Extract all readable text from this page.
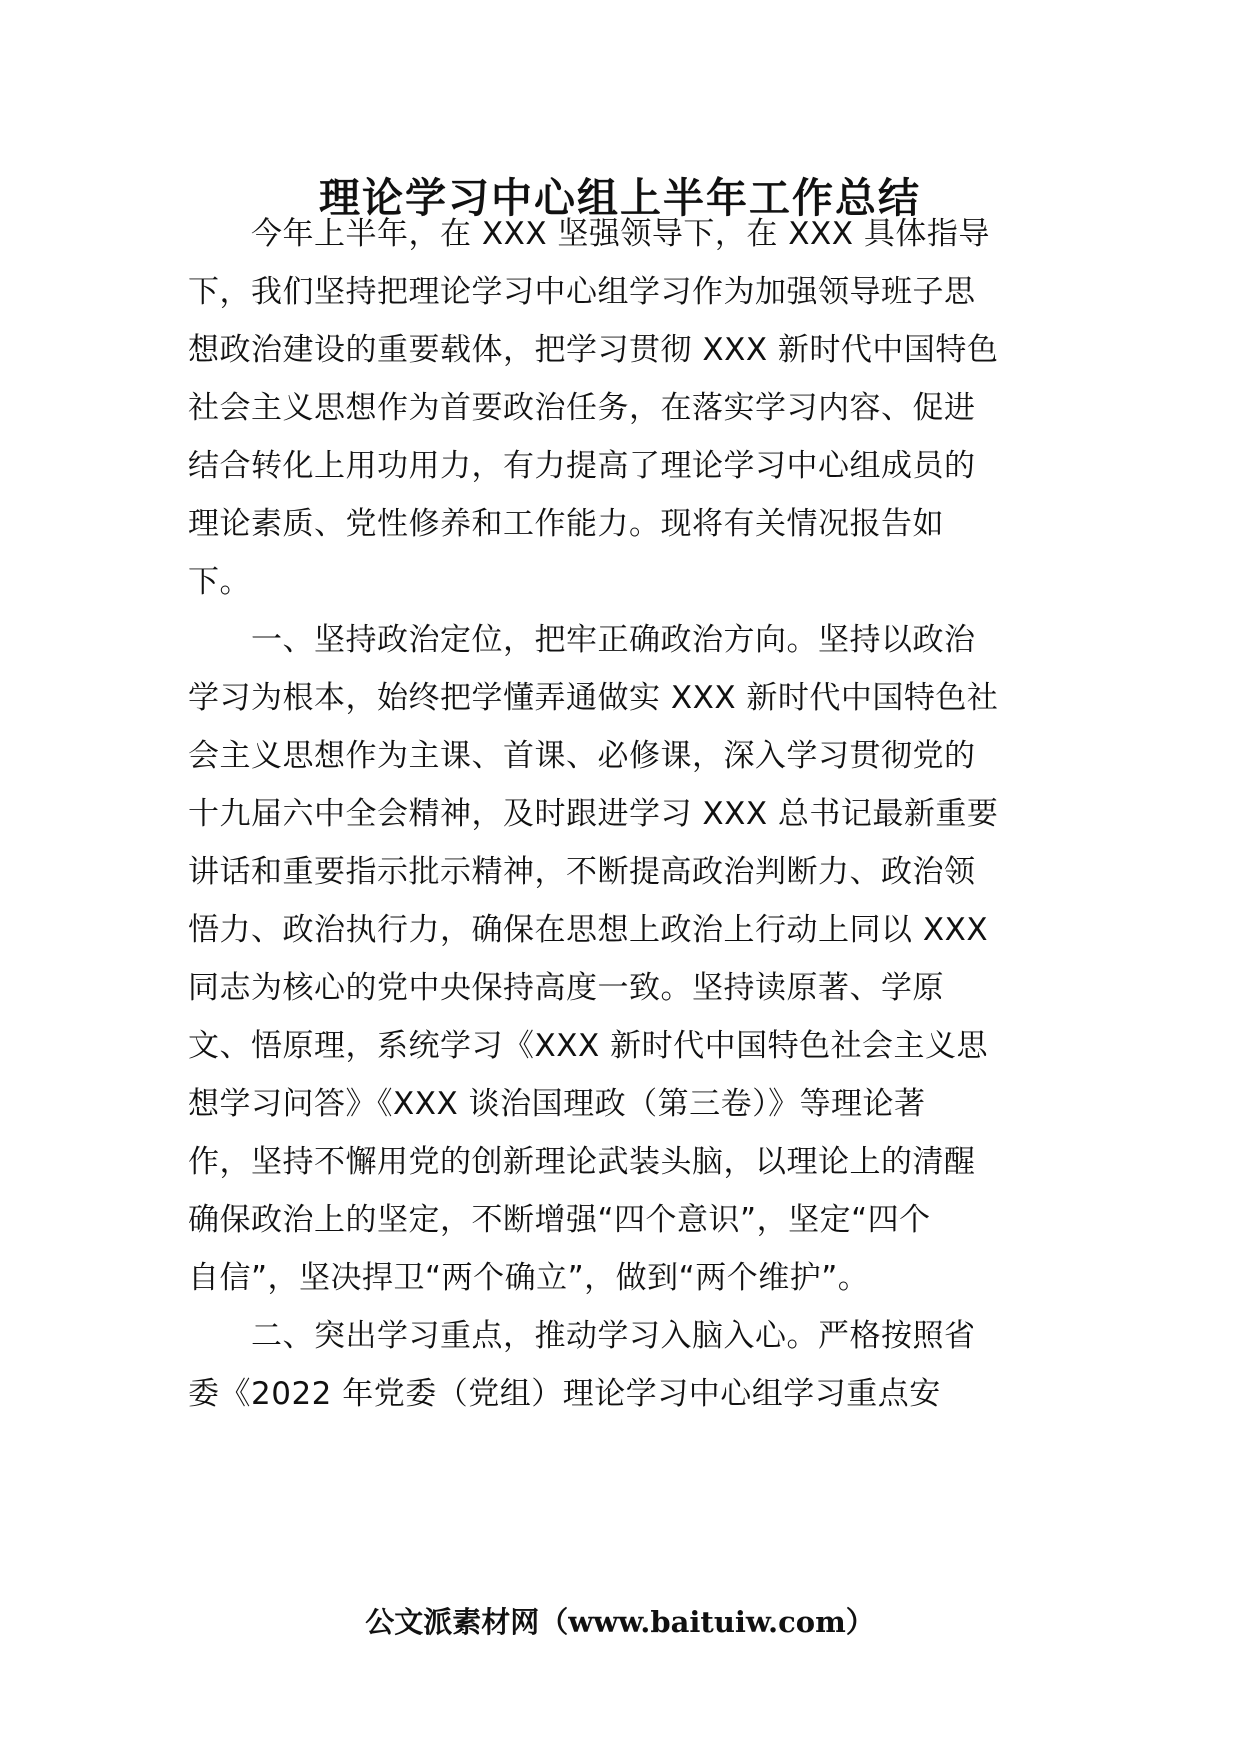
理论学习中心组上半年工作总结
今年上半年，在 XXX 坚强领导下，在 XXX 具体指导
下，我们坚持把理论学习中心组学习作为加强领导班子思
想政治建设的重要载体，把学习贯彻 XXX 新时代中国特色
社会主义思想作为首要政治任务，在落实学习内容、促进
结合转化上用功用力，有力提高了理论学习中心组成员的
理论素质、党性修养和工作能力。现将有关情况报告如
下。
一、坚持政治定位，把牢正确政治方向。坚持以政治
学习为根本，始终把学懂弄通做实 XXX 新时代中国特色社
会主义思想作为主课、首课、必修课，深入学习贯彻党的
十九届六中全会精神，及时跟进学习 XXX 总书记最新重要
讲话和重要指示批示精神，不断提高政治判断力、政治领
悟力、政治执行力，确保在思想上政治上行动上同以 XXX
同志为核心的党中央保持高度一致。坚持读原著、学原
文、悟原理，系统学习《XXX 新时代中国特色社会主义思
想学习问答》《XXX 谈治国理政（第三卷）》等理论著
作，坚持不懈用党的创新理论武装头脑，以理论上的清醒
确保政治上的坚定，不断增强“四个意识”，坚定“四个
自信”，坚决捍卫“两个确立”，做到“两个维护”。
二、突出学习重点，推动学习入脑入心。严格按照省
委《2022 年党委（党组）理论学习中心组学习重点安
公文派素材网（www.baituiw.com）
